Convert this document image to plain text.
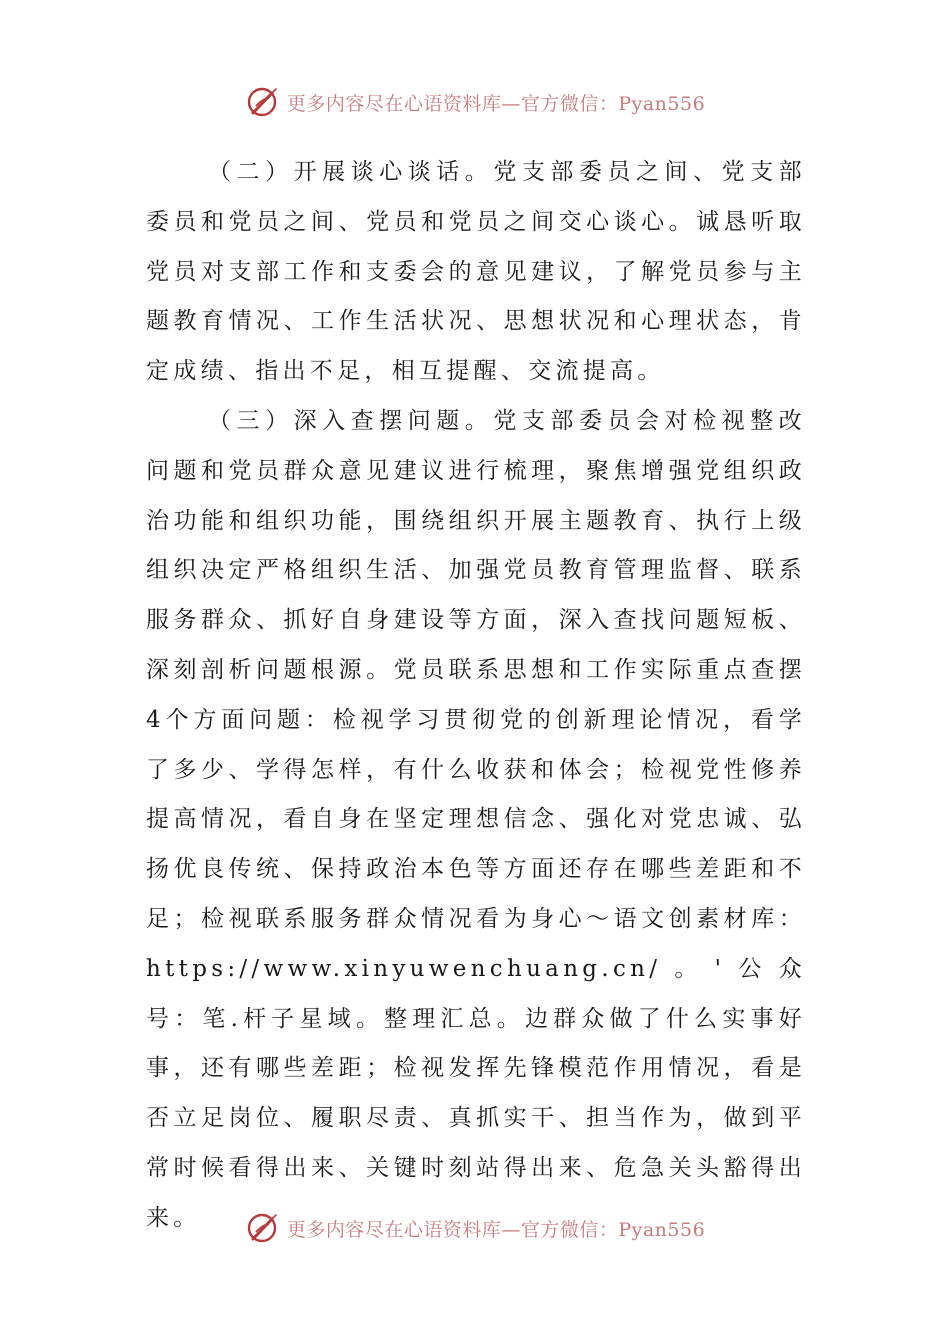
更多内容尽在心语资料库—官方微信：Pyan556

（二）开展谈心谈话。党支部委员之间、党支部委员和党员之间、党员和党员之间交心谈心。诚恳听取党员对支部工作和支委会的意见建议，了解党员参与主题教育情况、工作生活状况、思想状况和心理状态，肯定成绩、指出不足，相互提醒、交流提高。

（三）深入查摆问题。党支部委员会对检视整改问题和党员群众意见建议进行梳理，聚焦增强党组织政治功能和组织功能，围绕组织开展主题教育、执行上级组织决定严格组织生活、加强党员教育管理监督、联系服务群众、抓好自身建设等方面，深入查找问题短板、深刻剖析问题根源。党员联系思想和工作实际重点查摆4个方面问题：检视学习贯彻党的创新理论情况，看学了多少、学得怎样，有什么收获和体会；检视党性修养提高情况，看自身在坚定理想信念、强化对党忠诚、弘扬优良传统、保持政治本色等方面还存在哪些差距和不足；检视联系服务群众情况看为身心～语文创素材库：https://www.xinyuwenchuang.cn/。'公众号：笔.杆子星域。整理汇总。边群众做了什么实事好事，还有哪些差距；检视发挥先锋模范作用情况，看是否立足岗位、履职尽责、真抓实干、担当作为，做到平常时候看得出来、关键时刻站得出来、危急关头豁得出来。	更多内容尽在心语资料库—官方微信：Pyan556
